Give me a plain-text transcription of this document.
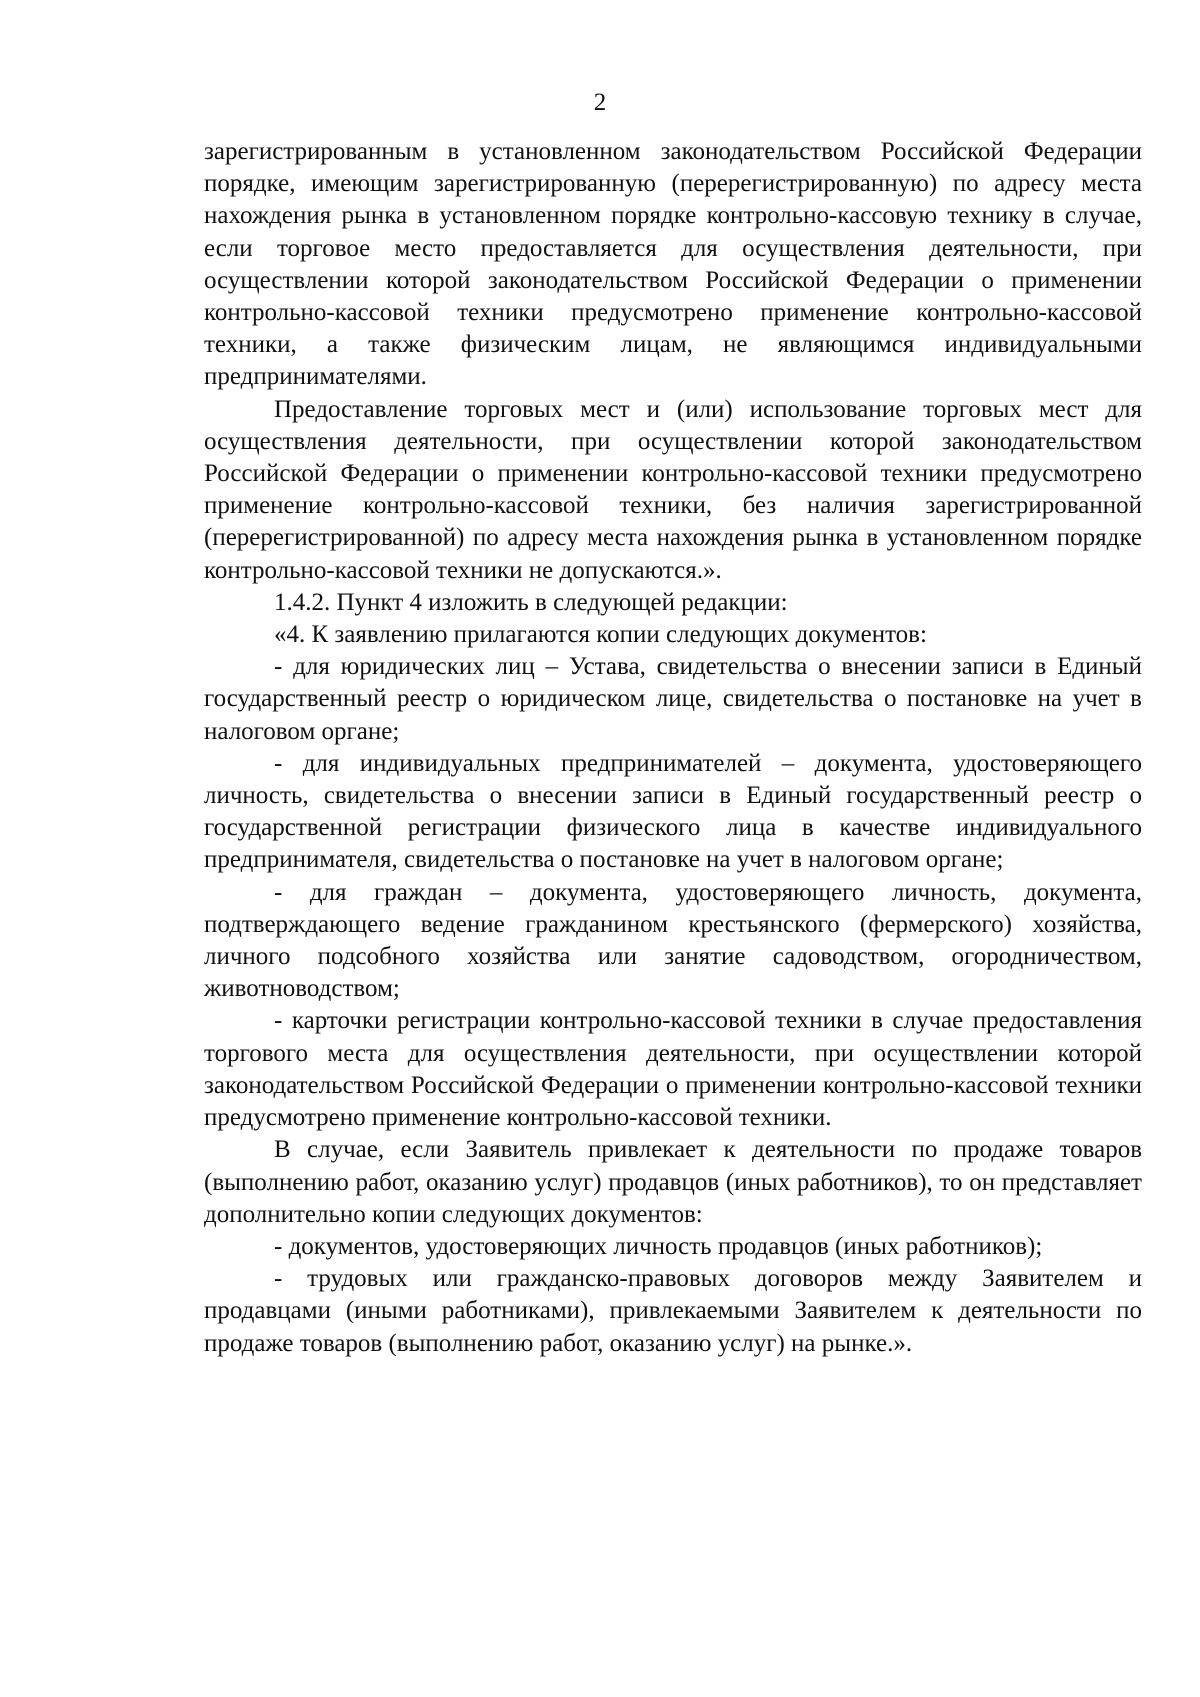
2

зарегистрированным в установленном законодательством Российской Федерации порядке, имеющим зарегистрированную (перерегистрированную) по адресу места нахождения рынка в установленном порядке контрольно-кассовую технику в случае, если торговое место предоставляется для осуществления деятельности, при осуществлении которой законодательством Российской Федерации о применении контрольно-кассовой техники предусмотрено применение контрольно-кассовой техники, а также физическим лицам, не являющимся индивидуальными предпринимателями.

Предоставление торговых мест и (или) использование торговых мест для осуществления деятельности, при осуществлении которой законодательством Российской Федерации о применении контрольно-кассовой техники предусмотрено применение контрольно-кассовой техники, без наличия зарегистрированной (перерегистрированной) по адресу места нахождения рынка в установленном порядке контрольно-кассовой техники не допускаются.».

1.4.2. Пункт 4 изложить в следующей редакции:

«4. К заявлению прилагаются копии следующих документов:

- для юридических лиц – Устава, свидетельства о внесении записи в Единый государственный реестр о юридическом лице, свидетельства о постановке на учет в налоговом органе;

- для индивидуальных предпринимателей – документа, удостоверяющего личность, свидетельства о внесении записи в Единый государственный реестр о государственной регистрации физического лица в качестве индивидуального предпринимателя, свидетельства о постановке на учет в налоговом органе;

- для граждан – документа, удостоверяющего личность, документа, подтверждающего ведение гражданином крестьянского (фермерского) хозяйства, личного подсобного хозяйства или занятие садоводством, огородничеством, животноводством;

- карточки регистрации контрольно-кассовой техники в случае предоставления торгового места для осуществления деятельности, при осуществлении которой законодательством Российской Федерации о применении контрольно-кассовой техники предусмотрено применение контрольно-кассовой техники.

В случае, если Заявитель привлекает к деятельности по продаже товаров (выполнению работ, оказанию услуг) продавцов (иных работников), то он представляет дополнительно копии следующих документов:

- документов, удостоверяющих личность продавцов (иных работников);

- трудовых или гражданско-правовых договоров между Заявителем и продавцами (иными работниками), привлекаемыми Заявителем к деятельности по продаже товаров (выполнению работ, оказанию услуг) на рынке.».
